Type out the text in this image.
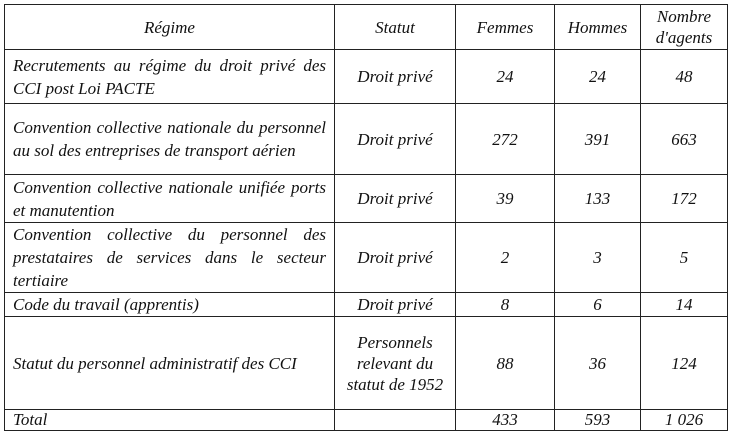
Régime	Statut	Femmes	Hommes	Nombre
d'agents
Recrutements au régime du droit privé des CCI post Loi PACTE	Droit privé	24	24	48
Convention collective nationale du personnel au sol des entreprises de transport aérien	Droit privé	272	391	663
Convention collective nationale unifiée ports et manutention	Droit privé	39	133	172
Convention collective du personnel des prestataires de services dans le secteur tertiaire	Droit privé	2	3	5
Code du travail (apprentis)	Droit privé	8	6	14
Statut du personnel administratif des CCI	Personnels relevant du statut de 1952	88	36	124
Total		433	593	1 026
